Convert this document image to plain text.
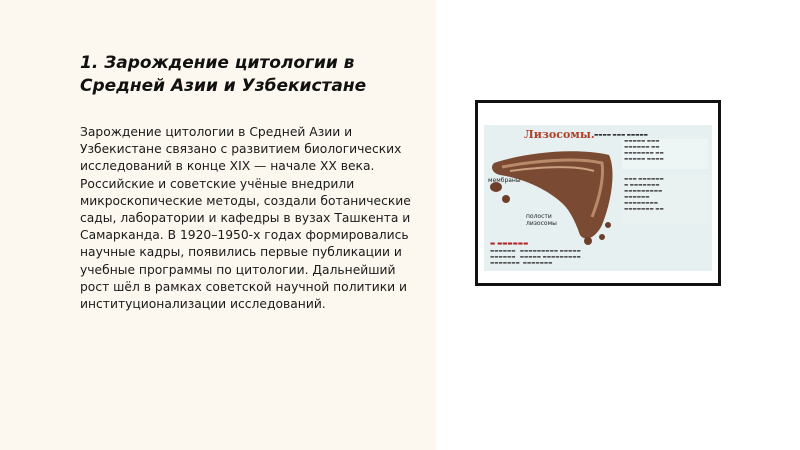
1. Зарождение цитологии в Средней Азии и Узбекистане

Зарождение цитологии в Средней Азии и Узбекистане связано с развитием биологических исследований в конце XIX — начале XX века. Российские и советские учёные внедрили микроскопические методы, создали ботанические сады, лаборатории и кафедры в вузах Ташкента и Самарканда. В 1920–1950-х годах формировались научные кадры, появились первые публикации и учебные программы по цитологии. Дальнейший рост шёл в рамках советской научной политики и институционализации исследований.

Лизосомы. ▬▬▬▬ ▬▬▬ ▬▬▬▬▬
мембраны
полости
лизосомы
▬▬▬▬▬ ▬▬▬
▬▬▬▬▬▬ ▬▬
▬▬▬▬▬▬▬ ▬▬
▬▬▬▬▬ ▬▬▬▬
▬▬▬ ▬▬▬▬▬▬
▬ ▬▬▬▬▬▬▬
▬▬▬▬▬▬▬▬▬
▬▬▬▬▬▬
▬▬▬▬▬▬▬▬
▬▬▬▬▬▬▬ ▬▬
▬ ▬▬▬▬▬▬
▬▬▬▬▬▬   ▬▬▬▬▬▬▬▬▬ ▬▬▬▬▬
▬▬▬▬▬▬   ▬▬▬▬▬ ▬▬▬▬▬▬▬▬▬
▬▬▬▬▬▬▬  ▬▬▬▬▬▬▬
